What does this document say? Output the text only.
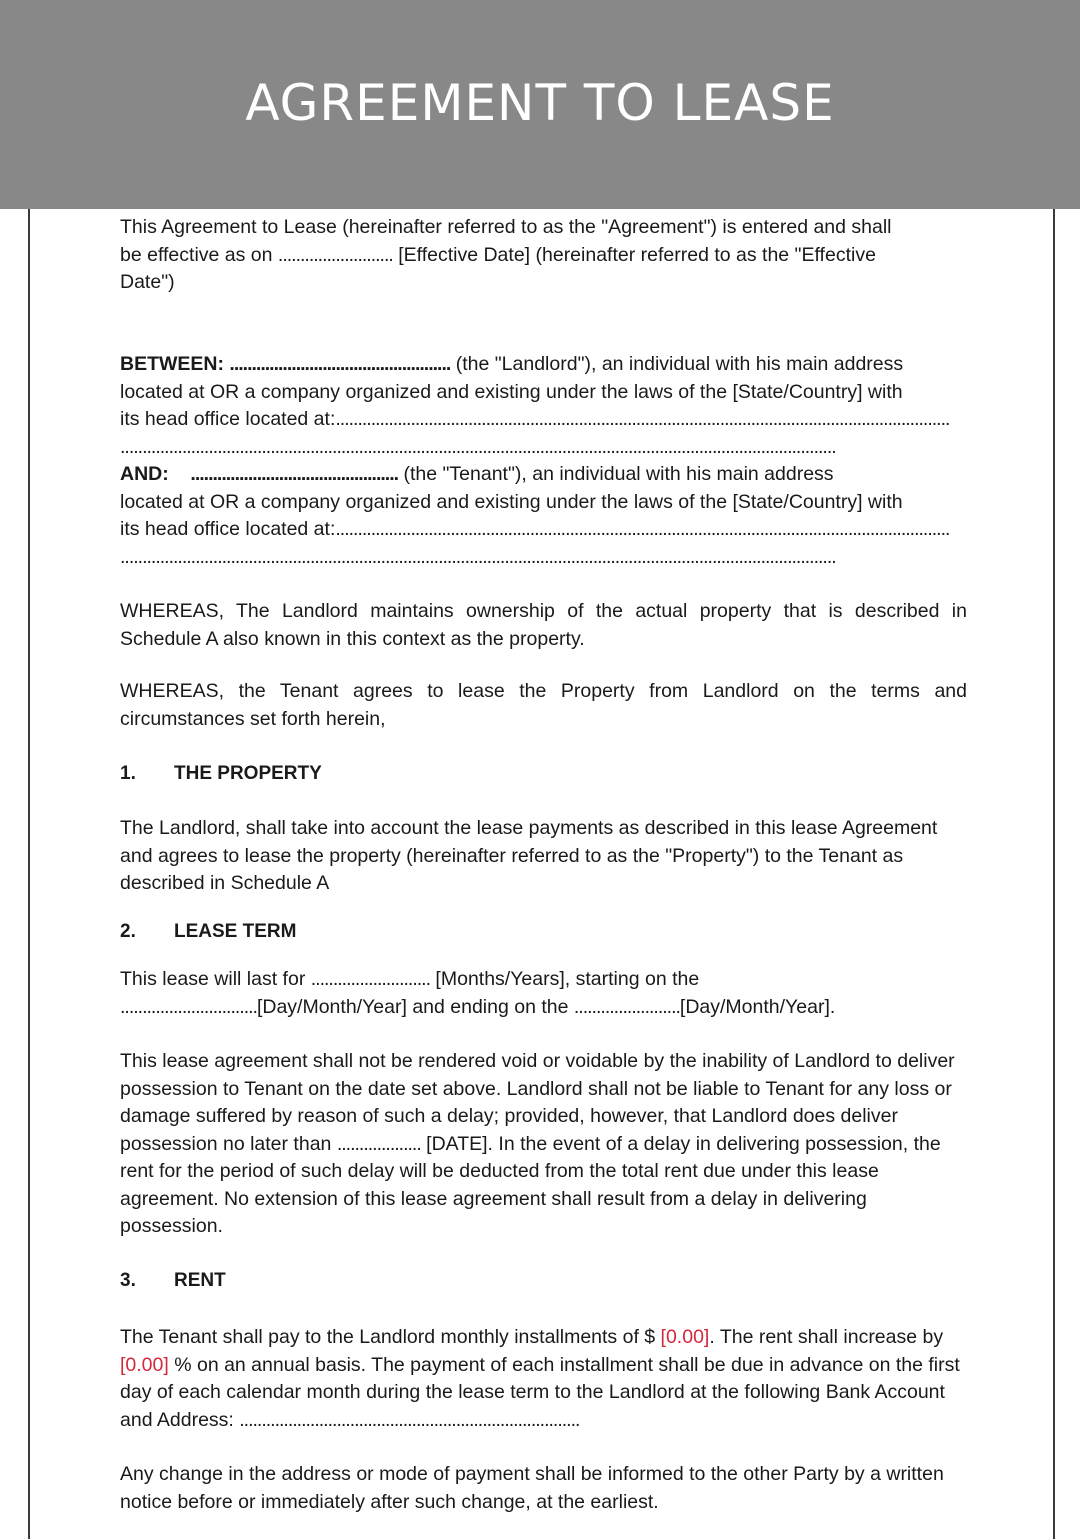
AGREEMENT TO LEASE

This Agreement to Lease (hereinafter referred to as the "Agreement") is entered and shall

be effective as on .......................... [Effective Date] (hereinafter referred to as the "Effective

Date")

BETWEEN: .................................................. (the "Landlord"), an individual with his main address

located at OR a company organized and existing under the laws of the [State/Country] with

its head office located at:...........................................................................................................................................

..................................................................................................................................................................

AND: ............................................... (the "Tenant"), an individual with his main address

located at OR a company organized and existing under the laws of the [State/Country] with

its head office located at:...........................................................................................................................................

..................................................................................................................................................................

WHEREAS, The Landlord maintains ownership of the actual property that is described in Schedule A also known in this context as the property.

WHEREAS, the Tenant agrees to lease the Property from Landlord on the terms and circumstances set forth herein,

1. THE PROPERTY

The Landlord, shall take into account the lease payments as described in this lease Agreement and agrees to lease the property (hereinafter referred to as the "Property") to the Tenant as described in Schedule A

2. LEASE TERM

This lease will last for ........................... [Months/Years], starting on the

...............................[Day/Month/Year] and ending on the ........................[Day/Month/Year].

This lease agreement shall not be rendered void or voidable by the inability of Landlord to deliver possession to Tenant on the date set above. Landlord shall not be liable to Tenant for any loss or damage suffered by reason of such a delay; provided, however, that Landlord does deliver possession no later than ................... [DATE]. In the event of a delay in delivering possession, the rent for the period of such delay will be deducted from the total rent due under this lease agreement. No extension of this lease agreement shall result from a delay in delivering possession.

3. RENT

The Tenant shall pay to the Landlord monthly installments of $ [0.00]. The rent shall increase by [0.00] % on an annual basis. The payment of each installment shall be due in advance on the first day of each calendar month during the lease term to the Landlord at the following Bank Account and Address: .............................................................................

Any change in the address or mode of payment shall be informed to the other Party by a written notice before or immediately after such change, at the earliest.
